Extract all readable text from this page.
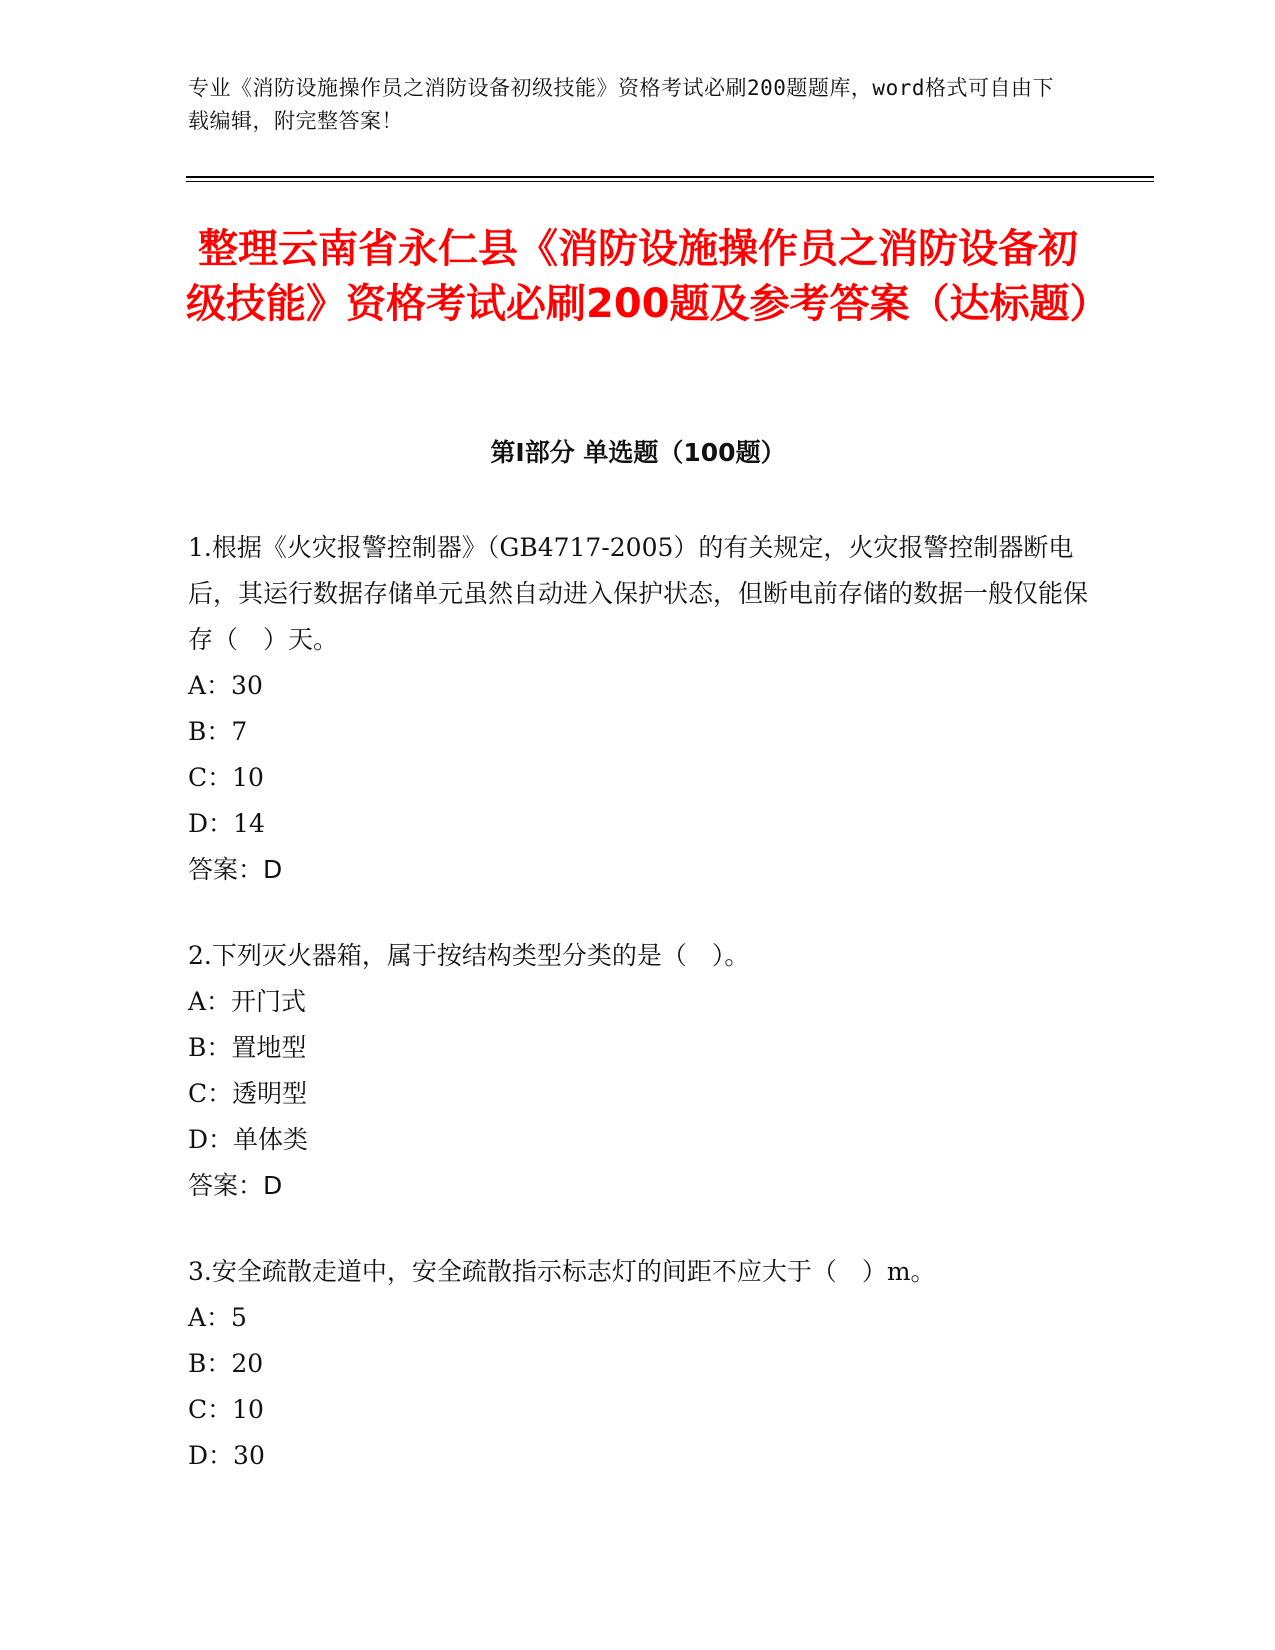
专业《消防设施操作员之消防设备初级技能》资格考试必刷200题题库，word格式可自由下载编辑，附完整答案！
整理云南省永仁县《消防设施操作员之消防设备初级技能》资格考试必刷200题及参考答案（达标题）
第Ⅰ部分 单选题（100题）

1.根据《火灾报警控制器》（GB4717-2005）的有关规定，火灾报警控制器断电后，其运行数据存储单元虽然自动进入保护状态，但断电前存储的数据一般仅能保存（　）天。

A：30

B：7

C：10

D：14

答案：D

2.下列灭火器箱，属于按结构类型分类的是（　）。

A：开门式

B：置地型

C：透明型

D：单体类

答案：D

3.安全疏散走道中，安全疏散指示标志灯的间距不应大于（　）m。

A：5

B：20

C：10

D：30
